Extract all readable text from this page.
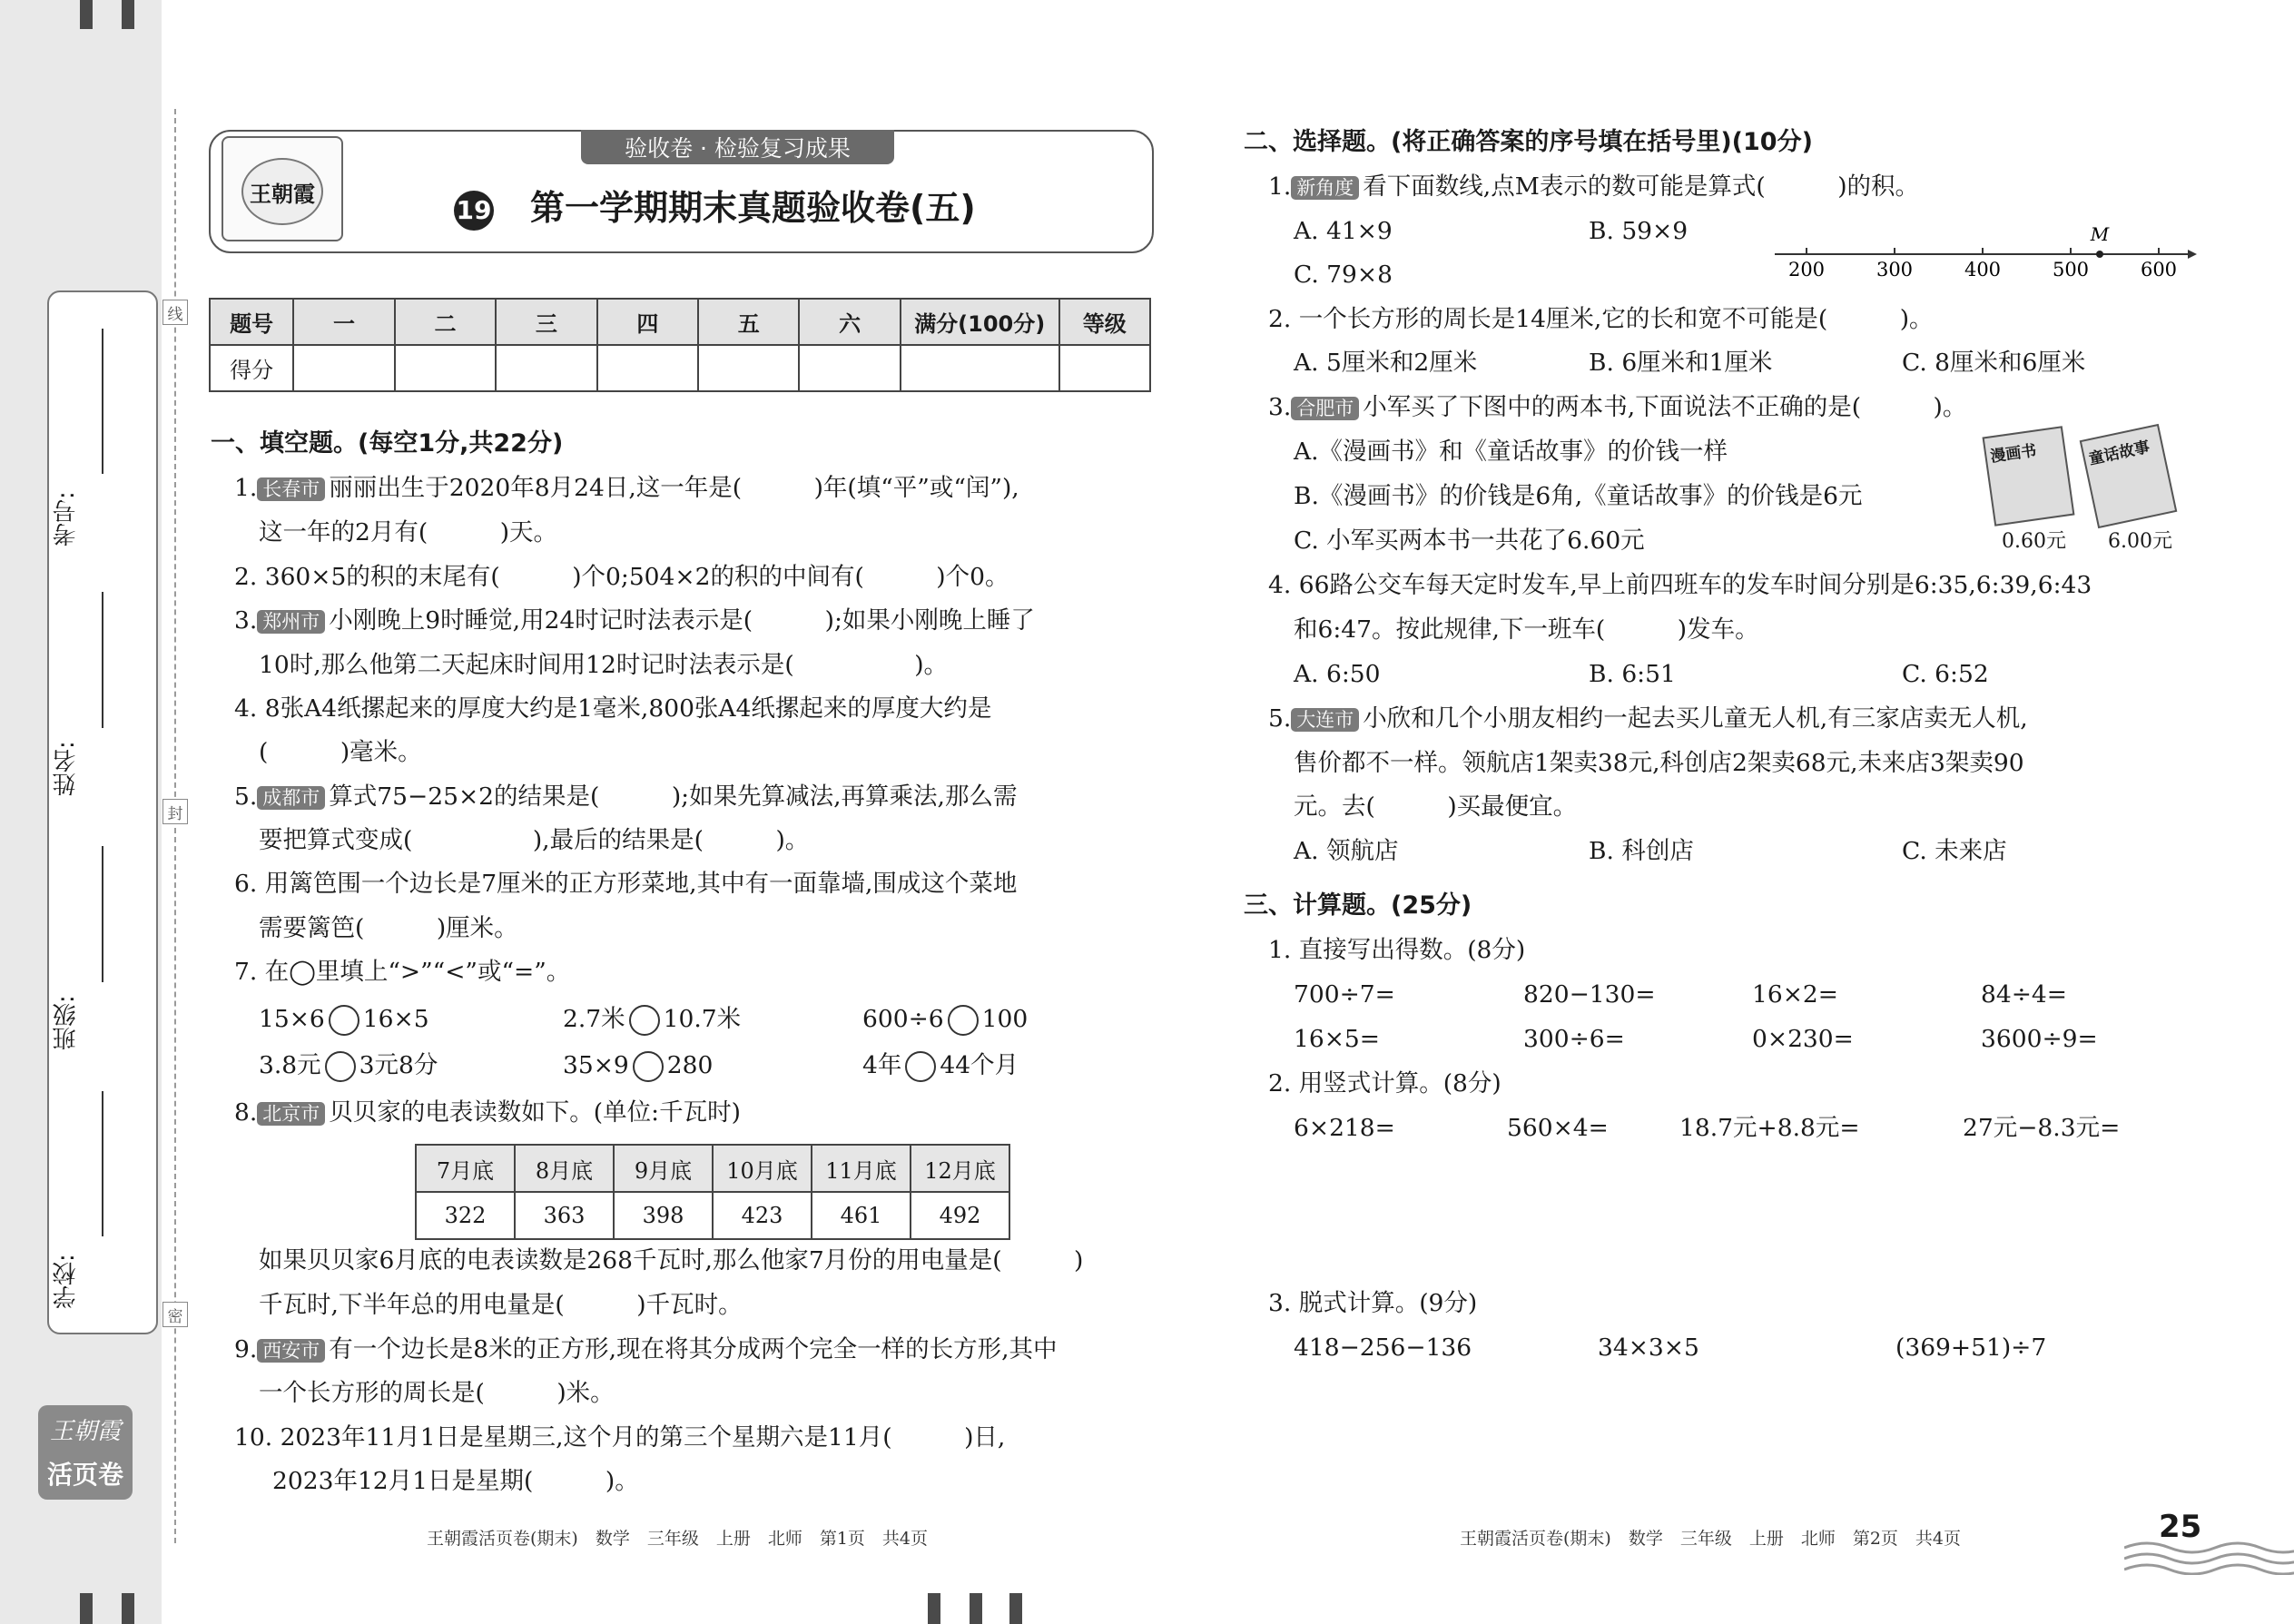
线
封
密
考号:
姓名:
班级:
学校:
王朝霞
活页卷
王朝霞
验收卷 · 检验复习成果
19 第一学期期末真题验收卷(五)
题号	一	二	三	四	五	六	满分(100分)	等级
得分								
一、填空题。(每空1分,共22分)
1. 长春市 丽丽出生于2020年8月24日,这一年是(　　　)年(填“平”或“闰”),
这一年的2月有(　　　)天。
2. 360×5的积的末尾有(　　　)个0;504×2的积的中间有(　　　)个0。
3. 郑州市 小刚晚上9时睡觉,用24时记时法表示是(　　　);如果小刚晚上睡了
10时,那么他第二天起床时间用12时记时法表示是(　　　　　)。
4. 8张A4纸摞起来的厚度大约是1毫米,800张A4纸摞起来的厚度大约是
(　　　)毫米。
5. 成都市 算式75−25×2的结果是(　　　);如果先算减法,再算乘法,那么需
要把算式变成(　　　　　),最后的结果是(　　　)。
6. 用篱笆围一个边长是7厘米的正方形菜地,其中有一面靠墙,围成这个菜地
需要篱笆(　　　)厘米。
7. 在◯里填上“>”“<”或“=”。
15×6 16×5	2.7米 10.7米	600÷6 100
3.8元 3元8分	35×9 280	4年 44个月
8. 北京市 贝贝家的电表读数如下。(单位:千瓦时)
7月底	8月底	9月底	10月底	11月底	12月底
322	363	398	423	461	492
如果贝贝家6月底的电表读数是268千瓦时,那么他家7月份的用电量是(　　　)
千瓦时,下半年总的用电量是(　　　)千瓦时。
9. 西安市 有一个边长是8米的正方形,现在将其分成两个完全一样的长方形,其中
一个长方形的周长是(　　　)米。
10. 2023年11月1日是星期三,这个月的第三个星期六是11月(　　　)日,
2023年12月1日是星期(　　　)。
王朝霞活页卷(期末)　数学　三年级　上册　北师　第1页　共4页
二、选择题。(将正确答案的序号填在括号里)(10分)
1. 新角度 看下面数线,点M表示的数可能是算式(　　　)的积。
A. 41×9	B. 59×9
C. 79×8
M
200	300	400	500	600
2. 一个长方形的周长是14厘米,它的长和宽不可能是(　　　)。
A. 5厘米和2厘米	B. 6厘米和1厘米	C. 8厘米和6厘米
3. 合肥市 小军买了下图中的两本书,下面说法不正确的是(　　　)。
A.《漫画书》和《童话故事》的价钱一样
B.《漫画书》的价钱是6角,《童话故事》的价钱是6元
C. 小军买两本书一共花了6.60元
漫画书	童话故事
0.60元 6.00元
4. 66路公交车每天定时发车,早上前四班车的发车时间分别是6:35,6:39,6:43
和6:47。按此规律,下一班车(　　　)发车。
A. 6:50	B. 6:51	C. 6:52
5. 大连市 小欣和几个小朋友相约一起去买儿童无人机,有三家店卖无人机,
售价都不一样。领航店1架卖38元,科创店2架卖68元,未来店3架卖90
元。去(　　　)买最便宜。
A. 领航店	B. 科创店	C. 未来店
三、计算题。(25分)
1. 直接写出得数。(8分)
700÷7=	820−130=	16×2=	84÷4=
16×5=	300÷6=	0×230=	3600÷9=
2. 用竖式计算。(8分)
6×218=	560×4=	18.7元+8.8元=	27元−8.3元=
3. 脱式计算。(9分)
418−256−136	34×3×5	(369+51)÷7
王朝霞活页卷(期末)　数学　三年级　上册　北师　第2页　共4页	25
